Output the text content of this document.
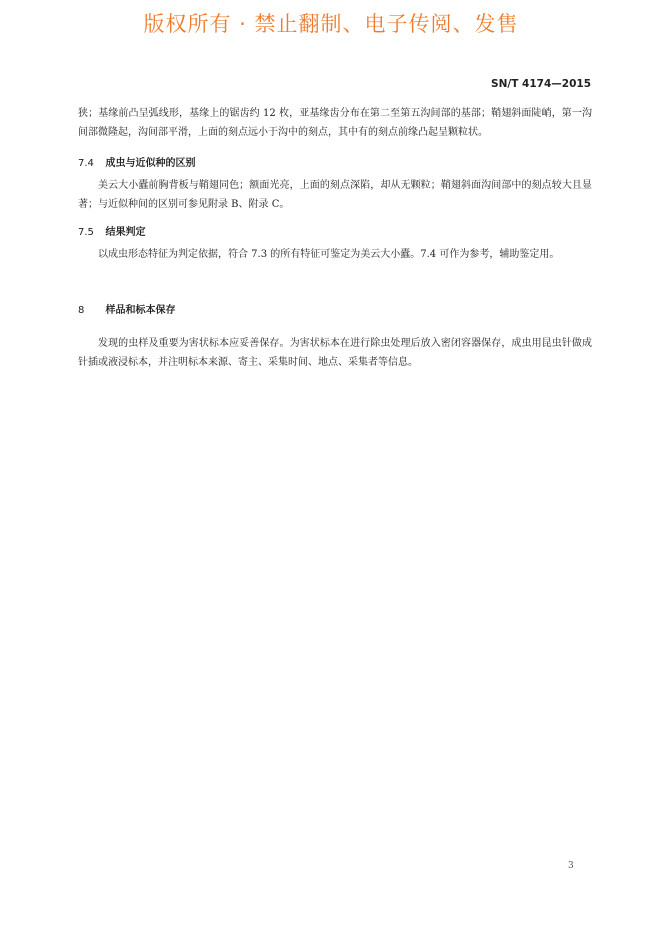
版权所有 · 禁止翻制、电子传阅、发售
SN/T 4174—2015

狭；基缘前凸呈弧线形，基缘上的锯齿约 12 枚，亚基缘齿分布在第二至第五沟间部的基部；鞘翅斜面陡峭，第一沟间部微隆起，沟间部平滑，上面的刻点远小于沟中的刻点，其中有的刻点前缘凸起呈颗粒状。

7.4 成虫与近似种的区别

美云大小蠹前胸背板与鞘翅同色；额面光亮，上面的刻点深陷，却从无颗粒；鞘翅斜面沟间部中的刻点较大且显著；与近似种间的区别可参见附录 B、附录 C。

7.5 结果判定

以成虫形态特征为判定依据，符合 7.3 的所有特征可鉴定为美云大小蠹。7.4 可作为参考，辅助鉴定用。

8 样品和标本保存

发现的虫样及重要为害状标本应妥善保存。为害状标本在进行除虫处理后放入密闭容器保存，成虫用昆虫针做成针插或液浸标本，并注明标本来源、寄主、采集时间、地点、采集者等信息。

3
